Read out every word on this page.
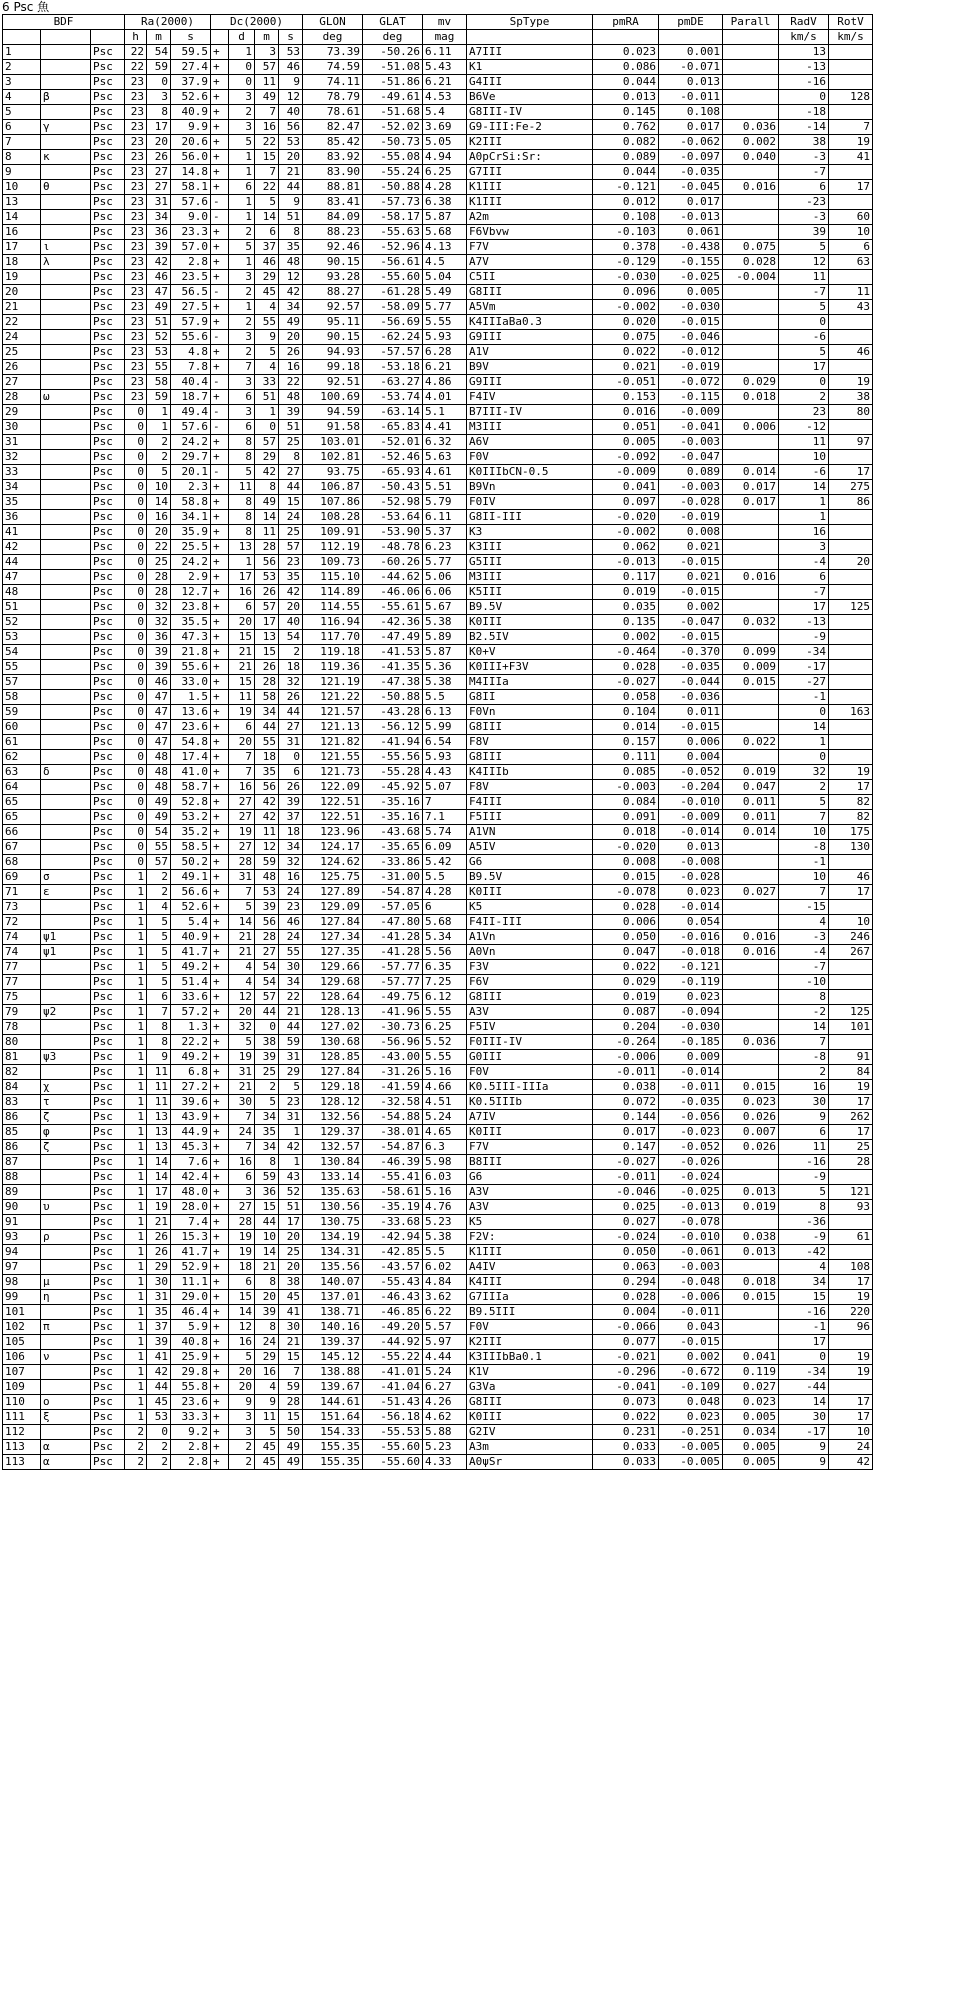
6 Psc 魚
BDF			Ra(2000)			Dc(2000)				GLON	GLAT	mv	SpType	pmRA	pmDE	Parall	RadV	RotV
			h	m	s		d	m	s	deg	deg	mag					km/s	km/s
1		Psc	22	54	59.5	+	1	3	53	73.39	-50.26	6.11	A7III	0.023	0.001		13	
2		Psc	22	59	27.4	+	0	57	46	74.59	-51.08	5.43	K1	0.086	-0.071		-13	
3		Psc	23	0	37.9	+	0	11	9	74.11	-51.86	6.21	G4III	0.044	0.013		-16	
4	β	Psc	23	3	52.6	+	3	49	12	78.79	-49.61	4.53	B6Ve	0.013	-0.011		0	128
5		Psc	23	8	40.9	+	2	7	40	78.61	-51.68	5.4	G8III-IV	0.145	0.108		-18	
6	γ	Psc	23	17	9.9	+	3	16	56	82.47	-52.02	3.69	G9-III:Fe-2	0.762	0.017	0.036	-14	7
7		Psc	23	20	20.6	+	5	22	53	85.42	-50.73	5.05	K2III	0.082	-0.062	0.002	38	19
8	κ	Psc	23	26	56.0	+	1	15	20	83.92	-55.08	4.94	A0pCrSi:Sr:	0.089	-0.097	0.040	-3	41
9		Psc	23	27	14.8	+	1	7	21	83.90	-55.24	6.25	G7III	0.044	-0.035		-7	
10	θ	Psc	23	27	58.1	+	6	22	44	88.81	-50.88	4.28	K1III	-0.121	-0.045	0.016	6	17
13		Psc	23	31	57.6	-	1	5	9	83.41	-57.73	6.38	K1III	0.012	0.017		-23	
14		Psc	23	34	9.0	-	1	14	51	84.09	-58.17	5.87	A2m	0.108	-0.013		-3	60
16		Psc	23	36	23.3	+	2	6	8	88.23	-55.63	5.68	F6Vbvw	-0.103	0.061		39	10
17	ι	Psc	23	39	57.0	+	5	37	35	92.46	-52.96	4.13	F7V	0.378	-0.438	0.075	5	6
18	λ	Psc	23	42	2.8	+	1	46	48	90.15	-56.61	4.5	A7V	-0.129	-0.155	0.028	12	63
19		Psc	23	46	23.5	+	3	29	12	93.28	-55.60	5.04	C5II	-0.030	-0.025	-0.004	11	
20		Psc	23	47	56.5	-	2	45	42	88.27	-61.28	5.49	G8III	0.096	0.005		-7	11
21		Psc	23	49	27.5	+	1	4	34	92.57	-58.09	5.77	A5Vm	-0.002	-0.030		5	43
22		Psc	23	51	57.9	+	2	55	49	95.11	-56.69	5.55	K4IIIaBa0.3	0.020	-0.015		0	
24		Psc	23	52	55.6	-	3	9	20	90.15	-62.24	5.93	G9III	0.075	-0.046		-6	
25		Psc	23	53	4.8	+	2	5	26	94.93	-57.57	6.28	A1V	0.022	-0.012		5	46
26		Psc	23	55	7.8	+	7	4	16	99.18	-53.18	6.21	B9V	0.021	-0.019		17	
27		Psc	23	58	40.4	-	3	33	22	92.51	-63.27	4.86	G9III	-0.051	-0.072	0.029	0	19
28	ω	Psc	23	59	18.7	+	6	51	48	100.69	-53.74	4.01	F4IV	0.153	-0.115	0.018	2	38
29		Psc	0	1	49.4	-	3	1	39	94.59	-63.14	5.1	B7III-IV	0.016	-0.009		23	80
30		Psc	0	1	57.6	-	6	0	51	91.58	-65.83	4.41	M3III	0.051	-0.041	0.006	-12	
31		Psc	0	2	24.2	+	8	57	25	103.01	-52.01	6.32	A6V	0.005	-0.003		11	97
32		Psc	0	2	29.7	+	8	29	8	102.81	-52.46	5.63	F0V	-0.092	-0.047		10	
33		Psc	0	5	20.1	-	5	42	27	93.75	-65.93	4.61	K0IIIbCN-0.5	-0.009	0.089	0.014	-6	17
34		Psc	0	10	2.3	+	11	8	44	106.87	-50.43	5.51	B9Vn	0.041	-0.003	0.017	14	275
35		Psc	0	14	58.8	+	8	49	15	107.86	-52.98	5.79	F0IV	0.097	-0.028	0.017	1	86
36		Psc	0	16	34.1	+	8	14	24	108.28	-53.64	6.11	G8II-III	-0.020	-0.019		1	
41		Psc	0	20	35.9	+	8	11	25	109.91	-53.90	5.37	K3	-0.002	0.008		16	
42		Psc	0	22	25.5	+	13	28	57	112.19	-48.78	6.23	K3III	0.062	0.021		3	
44		Psc	0	25	24.2	+	1	56	23	109.73	-60.26	5.77	G5III	-0.013	-0.015		-4	20
47		Psc	0	28	2.9	+	17	53	35	115.10	-44.62	5.06	M3III	0.117	0.021	0.016	6	
48		Psc	0	28	12.7	+	16	26	42	114.89	-46.06	6.06	K5III	0.019	-0.015		-7	
51		Psc	0	32	23.8	+	6	57	20	114.55	-55.61	5.67	B9.5V	0.035	0.002		17	125
52		Psc	0	32	35.5	+	20	17	40	116.94	-42.36	5.38	K0III	0.135	-0.047	0.032	-13	
53		Psc	0	36	47.3	+	15	13	54	117.70	-47.49	5.89	B2.5IV	0.002	-0.015		-9	
54		Psc	0	39	21.8	+	21	15	2	119.18	-41.53	5.87	K0+V	-0.464	-0.370	0.099	-34	
55		Psc	0	39	55.6	+	21	26	18	119.36	-41.35	5.36	K0III+F3V	0.028	-0.035	0.009	-17	
57		Psc	0	46	33.0	+	15	28	32	121.19	-47.38	5.38	M4IIIa	-0.027	-0.044	0.015	-27	
58		Psc	0	47	1.5	+	11	58	26	121.22	-50.88	5.5	G8II	0.058	-0.036		-1	
59		Psc	0	47	13.6	+	19	34	44	121.57	-43.28	6.13	F0Vn	0.104	0.011		0	163
60		Psc	0	47	23.6	+	6	44	27	121.13	-56.12	5.99	G8III	0.014	-0.015		14	
61		Psc	0	47	54.8	+	20	55	31	121.82	-41.94	6.54	F8V	0.157	0.006	0.022	1	
62		Psc	0	48	17.4	+	7	18	0	121.55	-55.56	5.93	G8III	0.111	0.004		0	
63	δ	Psc	0	48	41.0	+	7	35	6	121.73	-55.28	4.43	K4IIIb	0.085	-0.052	0.019	32	19
64		Psc	0	48	58.7	+	16	56	26	122.09	-45.92	5.07	F8V	-0.003	-0.204	0.047	2	17
65		Psc	0	49	52.8	+	27	42	39	122.51	-35.16	7	F4III	0.084	-0.010	0.011	5	82
65		Psc	0	49	53.2	+	27	42	37	122.51	-35.16	7.1	F5III	0.091	-0.009	0.011	7	82
66		Psc	0	54	35.2	+	19	11	18	123.96	-43.68	5.74	A1VN	0.018	-0.014	0.014	10	175
67		Psc	0	55	58.5	+	27	12	34	124.17	-35.65	6.09	A5IV	-0.020	0.013		-8	130
68		Psc	0	57	50.2	+	28	59	32	124.62	-33.86	5.42	G6	0.008	-0.008		-1	
69	σ	Psc	1	2	49.1	+	31	48	16	125.75	-31.00	5.5	B9.5V	0.015	-0.028		10	46
71	ε	Psc	1	2	56.6	+	7	53	24	127.89	-54.87	4.28	K0III	-0.078	0.023	0.027	7	17
73		Psc	1	4	52.6	+	5	39	23	129.09	-57.05	6	K5	0.028	-0.014		-15	
72		Psc	1	5	5.4	+	14	56	46	127.84	-47.80	5.68	F4II-III	0.006	0.054		4	10
74	ψ1	Psc	1	5	40.9	+	21	28	24	127.34	-41.28	5.34	A1Vn	0.050	-0.016	0.016	-3	246
74	ψ1	Psc	1	5	41.7	+	21	27	55	127.35	-41.28	5.56	A0Vn	0.047	-0.018	0.016	-4	267
77		Psc	1	5	49.2	+	4	54	30	129.66	-57.77	6.35	F3V	0.022	-0.121		-7	
77		Psc	1	5	51.4	+	4	54	34	129.68	-57.77	7.25	F6V	0.029	-0.119		-10	
75		Psc	1	6	33.6	+	12	57	22	128.64	-49.75	6.12	G8III	0.019	0.023		8	
79	ψ2	Psc	1	7	57.2	+	20	44	21	128.13	-41.96	5.55	A3V	0.087	-0.094		-2	125
78		Psc	1	8	1.3	+	32	0	44	127.02	-30.73	6.25	F5IV	0.204	-0.030		14	101
80		Psc	1	8	22.2	+	5	38	59	130.68	-56.96	5.52	F0III-IV	-0.264	-0.185	0.036	7	
81	ψ3	Psc	1	9	49.2	+	19	39	31	128.85	-43.00	5.55	G0III	-0.006	0.009		-8	91
82		Psc	1	11	6.8	+	31	25	29	127.84	-31.26	5.16	F0V	-0.011	-0.014		2	84
84	χ	Psc	1	11	27.2	+	21	2	5	129.18	-41.59	4.66	K0.5III-IIIa	0.038	-0.011	0.015	16	19
83	τ	Psc	1	11	39.6	+	30	5	23	128.12	-32.58	4.51	K0.5IIIb	0.072	-0.035	0.023	30	17
86	ζ	Psc	1	13	43.9	+	7	34	31	132.56	-54.88	5.24	A7IV	0.144	-0.056	0.026	9	262
85	φ	Psc	1	13	44.9	+	24	35	1	129.37	-38.01	4.65	K0III	0.017	-0.023	0.007	6	17
86	ζ	Psc	1	13	45.3	+	7	34	42	132.57	-54.87	6.3	F7V	0.147	-0.052	0.026	11	25
87		Psc	1	14	7.6	+	16	8	1	130.84	-46.39	5.98	B8III	-0.027	-0.026		-16	28
88		Psc	1	14	42.4	+	6	59	43	133.14	-55.41	6.03	G6	-0.011	-0.024		-9	
89		Psc	1	17	48.0	+	3	36	52	135.63	-58.61	5.16	A3V	-0.046	-0.025	0.013	5	121
90	υ	Psc	1	19	28.0	+	27	15	51	130.56	-35.19	4.76	A3V	0.025	-0.013	0.019	8	93
91		Psc	1	21	7.4	+	28	44	17	130.75	-33.68	5.23	K5	0.027	-0.078		-36	
93	ρ	Psc	1	26	15.3	+	19	10	20	134.19	-42.94	5.38	F2V:	-0.024	-0.010	0.038	-9	61
94		Psc	1	26	41.7	+	19	14	25	134.31	-42.85	5.5	K1III	0.050	-0.061	0.013	-42	
97		Psc	1	29	52.9	+	18	21	20	135.56	-43.57	6.02	A4IV	0.063	-0.003		4	108
98	μ	Psc	1	30	11.1	+	6	8	38	140.07	-55.43	4.84	K4III	0.294	-0.048	0.018	34	17
99	η	Psc	1	31	29.0	+	15	20	45	137.01	-46.43	3.62	G7IIIa	0.028	-0.006	0.015	15	19
101		Psc	1	35	46.4	+	14	39	41	138.71	-46.85	6.22	B9.5III	0.004	-0.011		-16	220
102	π	Psc	1	37	5.9	+	12	8	30	140.16	-49.20	5.57	F0V	-0.066	0.043		-1	96
105		Psc	1	39	40.8	+	16	24	21	139.37	-44.92	5.97	K2III	0.077	-0.015		17	
106	ν	Psc	1	41	25.9	+	5	29	15	145.12	-55.22	4.44	K3IIIbBa0.1	-0.021	0.002	0.041	0	19
107		Psc	1	42	29.8	+	20	16	7	138.88	-41.01	5.24	K1V	-0.296	-0.672	0.119	-34	19
109		Psc	1	44	55.8	+	20	4	59	139.67	-41.04	6.27	G3Va	-0.041	-0.109	0.027	-44	
110	ο	Psc	1	45	23.6	+	9	9	28	144.61	-51.43	4.26	G8III	0.073	0.048	0.023	14	17
111	ξ	Psc	1	53	33.3	+	3	11	15	151.64	-56.18	4.62	K0III	0.022	0.023	0.005	30	17
112		Psc	2	0	9.2	+	3	5	50	154.33	-55.53	5.88	G2IV	0.231	-0.251	0.034	-17	10
113	α	Psc	2	2	2.8	+	2	45	49	155.35	-55.60	5.23	A3m	0.033	-0.005	0.005	9	24
113	α	Psc	2	2	2.8	+	2	45	49	155.35	-55.60	4.33	A0ψSr	0.033	-0.005	0.005	9	42
